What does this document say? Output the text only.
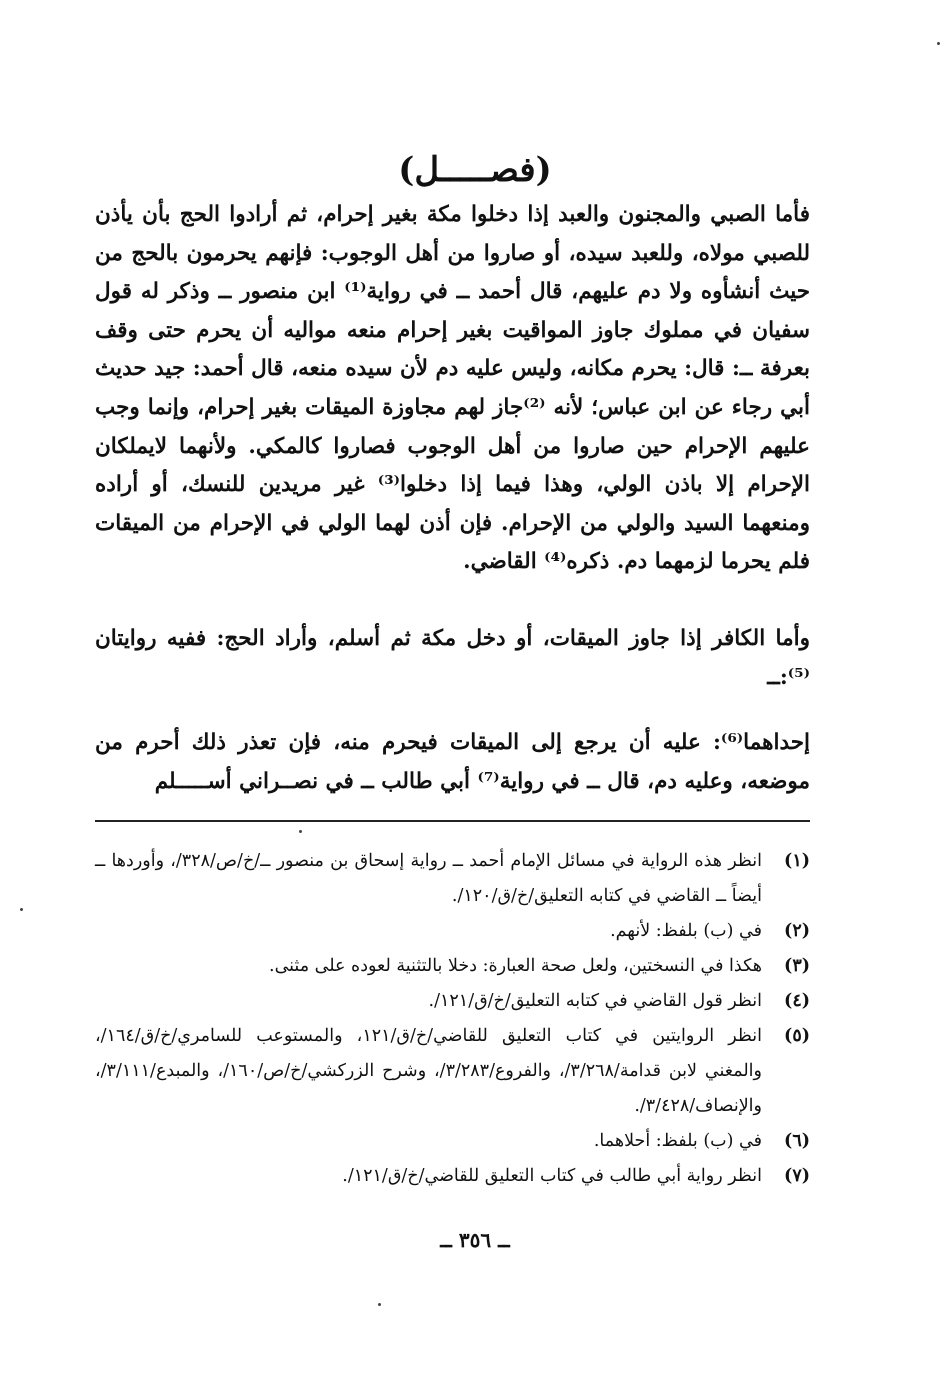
(فصـــــل)

فأما الصبي والمجنون والعبد إذا دخلوا مكة بغير إحرام، ثم أرادوا الحج بأن يأذن للصبي مولاه، وللعبد سيده، أو صاروا من أهل الوجوب: فإنهم يحرمون بالحج من حيث أنشأوه ولا دم عليهم، قال أحمد ــ في رواية⁽¹⁾ ابن منصور ــ وذكر له قول سفيان في مملوك جاوز المواقيت بغير إحرام منعه مواليه أن يحرم حتى وقف بعرفة ــ: قال: يحرم مكانه، وليس عليه دم لأن سيده منعه، قال أحمد: جيد حديث أبي رجاء عن ابن عباس؛ لأنه ⁽²⁾جاز لهم مجاوزة الميقات بغير إحرام، وإنما وجب عليهم الإحرام حين صاروا من أهل الوجوب فصاروا كالمكي. ولأنهما لايملكان الإحرام إلا باذن الولي، وهذا فيما إذا دخلوا⁽³⁾ غير مريدين للنسك، أو أراده ومنعهما السيد والولي من الإحرام. فإن أذن لهما الولي في الإحرام من الميقات فلم يحرما لزمهما دم. ذكره⁽⁴⁾ القاضي.

وأما الكافر إذا جاوز الميقات، أو دخل مكة ثم أسلم، وأراد الحج: ففيه روايتان ⁽⁵⁾:ــ

إحداهما⁽⁶⁾: عليه أن يرجع إلى الميقات فيحرم منه، فإن تعذر ذلك أحرم من موضعه، وعليه دم، قال ــ في رواية⁽⁷⁾ أبي طالب ــ في نصــراني أســـــلم

(١)
انظر هذه الرواية في مسائل الإمام أحمد ــ رواية إسحاق بن منصور ــ/خ/ص/٣٢٨/، وأوردها ــ أيضاً ــ القاضي في كتابه التعليق/خ/ق/١٢٠/.
(٢)
في (ب) بلفظ: لأنهم.
(٣)
هكذا في النسختين، ولعل صحة العبارة: دخلا بالتثنية لعوده على مثنى.
(٤)
انظر قول القاضي في كتابه التعليق/خ/ق/١٢١/.
(٥)
انظر الروايتين في كتاب التعليق للقاضي/خ/ق/١٢١، والمستوعب للسامري/خ/ق/١٦٤/، والمغني لابن قدامة/٣/٢٦٨/، والفروع/٣/٢٨٣/، وشرح الزركشي/خ/ص/١٦٠/، والمبدع/٣/١١١/، والإنصاف/٣/٤٢٨/.
(٦)
في (ب) بلفظ: أحلاهما.
(٧)
انظر رواية أبي طالب في كتاب التعليق للقاضي/خ/ق/١٢١/.
ــ ٣٥٦ ــ
